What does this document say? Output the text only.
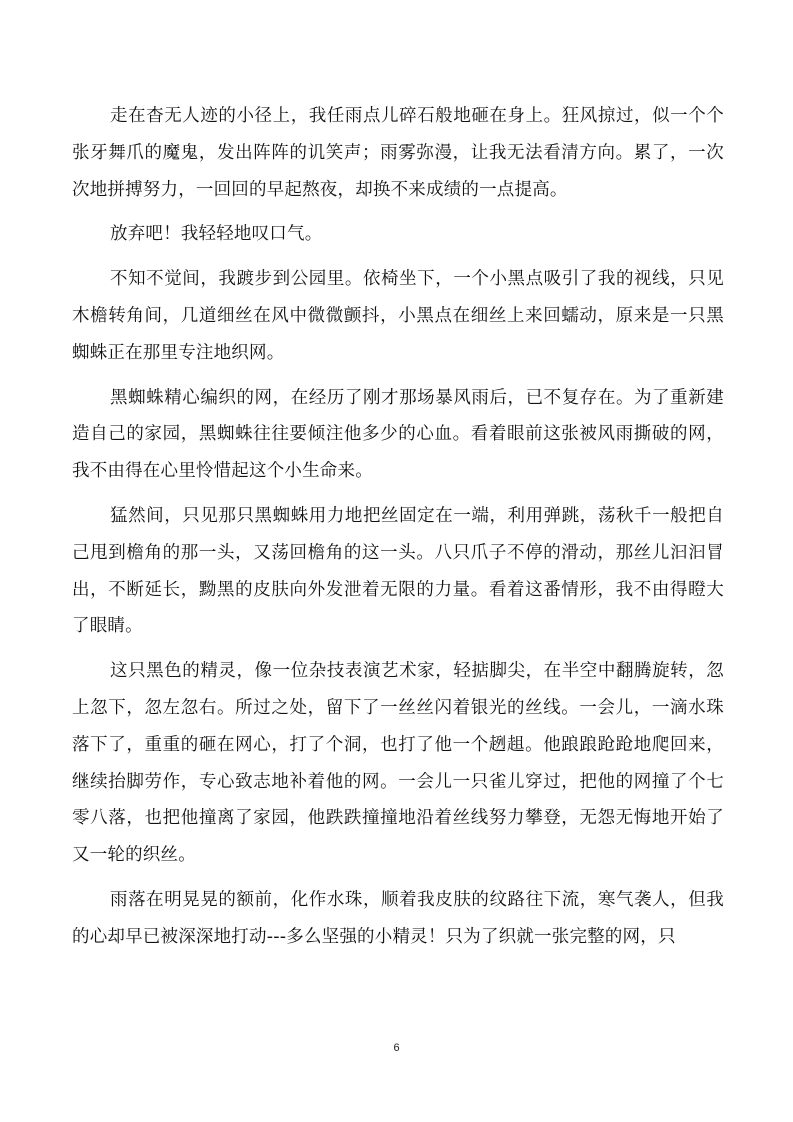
走在杳无人迹的小径上，我任雨点儿碎石般地砸在身上。狂风掠过，似一个个张牙舞爪的魔鬼，发出阵阵的讥笑声；雨雾弥漫，让我无法看清方向。累了，一次次地拼搏努力，一回回的早起熬夜，却换不来成绩的一点提高。

放弃吧！我轻轻地叹口气。

不知不觉间，我踱步到公园里。依椅坐下，一个小黑点吸引了我的视线，只见木檐转角间，几道细丝在风中微微颤抖，小黑点在细丝上来回蠕动，原来是一只黑蜘蛛正在那里专注地织网。

黑蜘蛛精心编织的网，在经历了刚才那场暴风雨后，已不复存在。为了重新建造自己的家园，黑蜘蛛往往要倾注他多少的心血。看着眼前这张被风雨撕破的网，我不由得在心里怜惜起这个小生命来。

猛然间，只见那只黑蜘蛛用力地把丝固定在一端，利用弹跳，荡秋千一般把自己甩到檐角的那一头，又荡回檐角的这一头。八只爪子不停的滑动，那丝儿汩汩冒出，不断延长，黝黑的皮肤向外发泄着无限的力量。看着这番情形，我不由得瞪大了眼睛。

这只黑色的精灵，像一位杂技表演艺术家，轻掂脚尖，在半空中翻腾旋转，忽上忽下，忽左忽右。所过之处，留下了一丝丝闪着银光的丝线。一会儿，一滴水珠落下了，重重的砸在网心，打了个洞，也打了他一个趔趄。他踉踉跄跄地爬回来，继续抬脚劳作，专心致志地补着他的网。一会儿一只雀儿穿过，把他的网撞了个七零八落，也把他撞离了家园，他跌跌撞撞地沿着丝线努力攀登，无怨无悔地开始了又一轮的织丝。

雨落在明晃晃的额前，化作水珠，顺着我皮肤的纹路往下流，寒气袭人，但我的心却早已被深深地打动---多么坚强的小精灵！只为了织就一张完整的网，只

6
